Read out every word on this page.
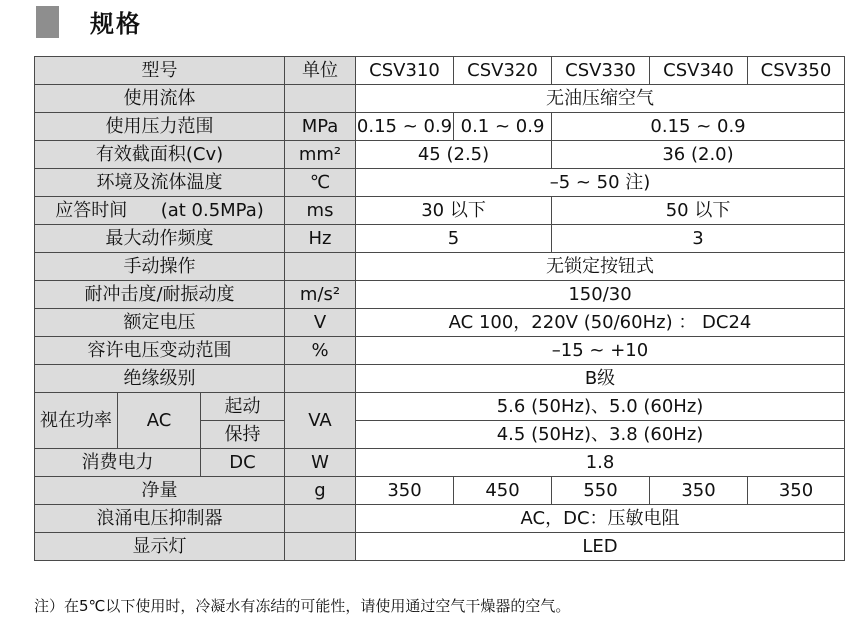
规格
型号			单位	CSV310	CSV320	CSV330	CSV340	CSV350
使用流体				无油压缩空气				
使用压力范围			MPa	0.15 ~ 0.9	0.1 ~ 0.9	0.15 ~ 0.9		
有效截面积(Cv)			mm²	45 (2.5)		36 (2.0)		
环境及流体温度			℃	–5 ~ 50 注)				
应答时间 (at 0.5MPa)			ms	30 以下		50 以下		
最大动作频度			Hz	5		3		
手动操作				无锁定按钮式				
耐冲击度/耐振动度			m/s²	150/30				
额定电压			V	AC 100，220V (50/60Hz) ： DC24				
容许电压变动范围			%	–15 ~ +10				
绝缘级别				B级				
视在功率	AC	起动	VA	5.6 (50Hz)、5.0 (60Hz)				
		保持		4.5 (50Hz)、3.8 (60Hz)				
消费电力		DC	W	1.8				
净量			g	350	450	550	350	350
浪涌电压抑制器				AC，DC：压敏电阻				
显示灯				LED				
注）在5℃以下使用时，冷凝水有冻结的可能性，请使用通过空气干燥器的空气。
